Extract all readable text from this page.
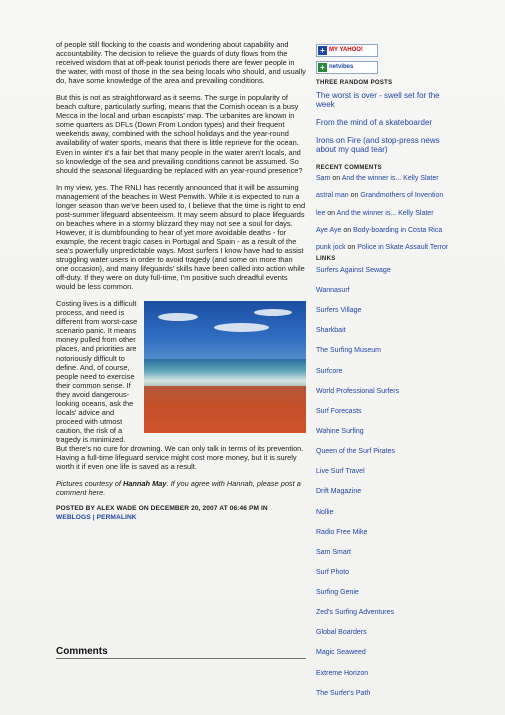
of people still flocking to the coasts and wondering about capability and accountability. The decision to relieve the guards of duty flows from the received wisdom that at off-peak tourist periods there are fewer people in the water, with most of those in the sea being locals who should, and usually do, have some knowledge of the area and prevailing conditions.

But this is not as straightforward as it seems. The surge in popularity of beach culture, particularly surfing, means that the Cornish ocean is a busy Mecca in the local and urban escapists' map. The urbanites are known in some quarters as DFLs (Down From London types) and their frequent weekends away, combined with the school holidays and the year-round availability of water sports, means that there is little reprieve for the ocean. Even in winter it's a fair bet that many people in the water aren't locals, and so knowledge of the sea and prevailing conditions cannot be assumed. So should the seasonal lifeguarding be replaced with an year-round presence?

In my view, yes. The RNLI has recently announced that it will be assuming management of the beaches in West Penwith. While it is expected to run a longer season than we've been used to, I believe that the time is right to end post-summer lifeguard absenteeism. It may seem absurd to place lifeguards on beaches where in a stormy blizzard they may not see a soul for days. However, it is dumbfounding to hear of yet more avoidable deaths - for example, the recent tragic cases in Portugal and Spain - as a result of the sea's powerfully unpredictable ways. Most surfers I know have had to assist struggling water users in order to avoid tragedy (and some on more than one occasion), and many lifeguards' skills have been called into action while off-duty. If they were on duty full-time, I'm positive such dreadful events would be less common.

Costing lives is a difficult process, and need is different from worst-case scenario panic. It means money pulled from other places, and priorities are notoriously difficult to define. And, of course, people need to exercise their common sense. If they avoid dangerous-looking oceans, ask the locals' advice and proceed with utmost caution, the risk of a tragedy is minimized. But there's no cure for drowning. We can only talk in terms of its prevention. Having a full-time lifeguard service might cost more money, but it is surely worth it if even one life is saved as a result.

Pictures courtesy of Hannah May. If you agree with Hannah, please post a comment here.

POSTED BY ALEX WADE ON DECEMBER 20, 2007 AT 06:46 PM IN
WEBLOGS | PERMALINK

Comments
+ MY YAHOO!
+ netvibes
THREE RANDOM POSTS
The worst is over - swell set for the week
From the mind of a skateboarder
Irons on Fire (and stop-press news about my quad tear)
RECENT COMMENTS
Sam on And the winner is... Kelly Slater
astral man on Grandmothers of Invention
lee on And the winner is... Kelly Slater
Aye Aye on Body-boarding in Costa Rica
punk jock on Police in Skate Assault Terror
LINKS
Surfers Against Sewage
Wannasurf
Surfers Village
Sharkbait
The Surfing Museum
Surfcore
World Professional Surfers
Surf Forecasts
Wahine Surfing
Queen of the Surf Pirates
Live Surf Travel
Drift Magazine
Nollie
Radio Free Mike
Sam Smart
Surf Photo
Surfing Genie
Zed's Surfing Adventures
Global Boarders
Magic Seaweed
Extreme Horizon
The Surfer's Path
